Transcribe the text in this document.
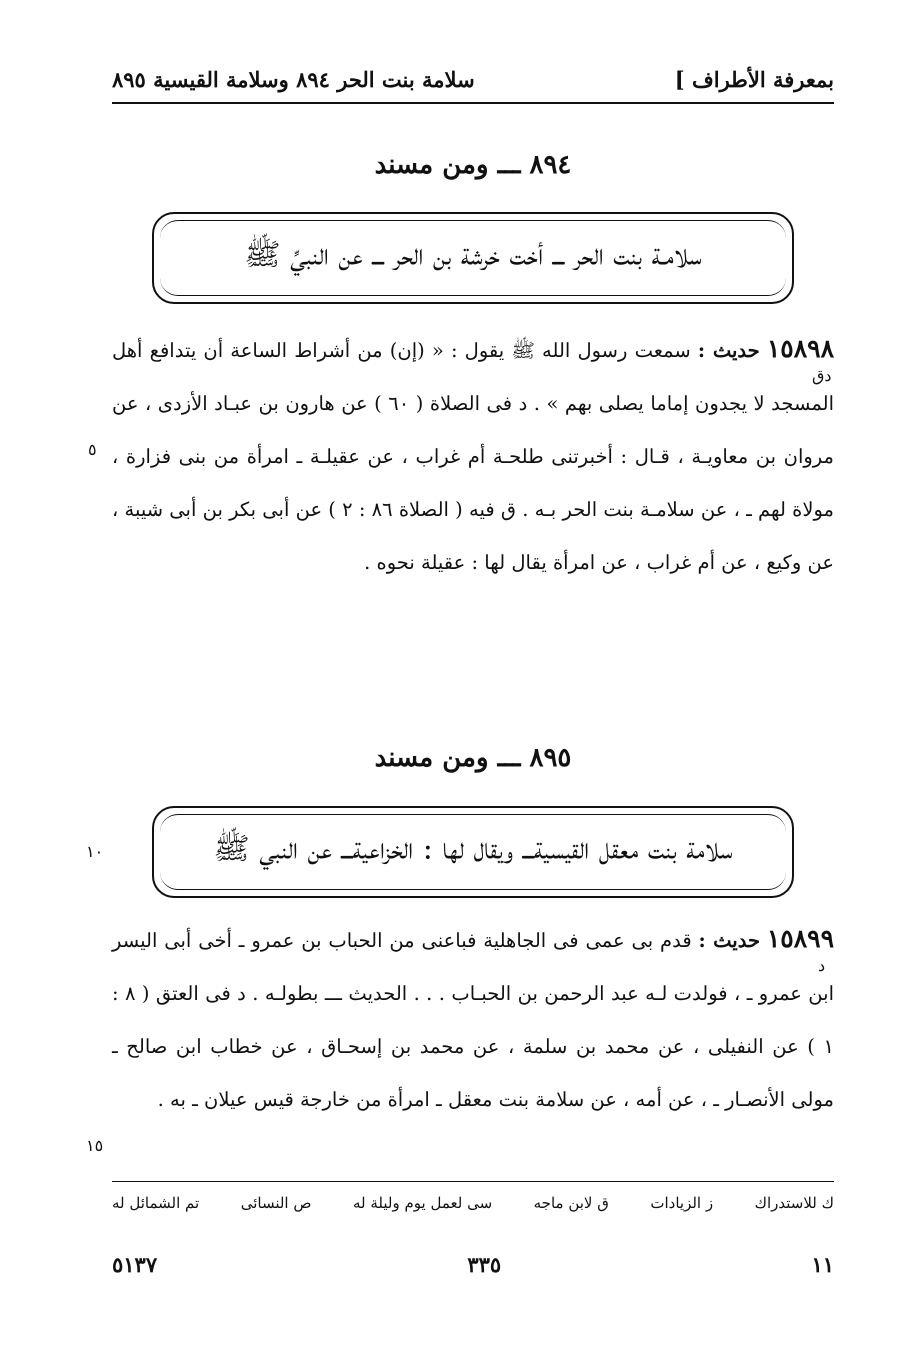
سلامة بنت الحر ٨٩٤ وسلامة القيسية ٨٩٥	بمعرفة الأطراف ]
٨٩٤ ـــ ومن مسند
سلامـة بنت الحر ـــ أخت خرشة بن الحر ـــ عن النبيِّ ﷺ
١٥٨٩٨ حديث : سمعت رسول الله ﷺ يقول : « (إن) من أشراط الساعة أن يتدافع أهل المسجد لا يجدون إماما يصلى بهم » . د فى الصلاة ( ٦٠ ) عن هارون بن عبـاد الأزدى ، عن مروان بن معاويـة ، قـال : أخبرتنى طلحـة أم غراب ، عن عقيلـة ـ امرأة من بنى فزارة ، مولاة لهم ـ ، عن سلامـة بنت الحر بـه . ق فيه ( الصلاة ٨٦ : ٢ ) عن أبى بكر بن أبى شيبة ، عن وكيع ، عن أم غراب ، عن امرأة يقال لها : عقيلة نحوه .
دق
٥
٨٩٥ ـــ ومن مسند
سلامة بنت معقل القيسيةـــ ويقال لها : الخزاعيةـــ عن النبي ﷺ
١٠
١٥٨٩٩ حديث : قدم بى عمى فى الجاهلية فباعنى من الحباب بن عمرو ـ أخى أبى اليسر ابن عمرو ـ ، فولدت لـه عبد الرحمن بن الحبـاب . . . الحديث ـــ بطولـه . د فى العتق ( ٨ : ١ ) عن النفيلى ، عن محمد بن سلمة ، عن محمد بن إسحـاق ، عن خطاب ابن صالح ـ مولى الأنصـار ـ ، عن أمه ، عن سلامة بنت معقل ـ امرأة من خارجة قيس عيلان ـ به .
د
١٥
تم الشمائل له	ص النسائى	سى لعمل يوم وليلة له	ق لابن ماجه	ز الزيادات	ك للاستدراك
٥١٣٧	٣٣٥	١١
